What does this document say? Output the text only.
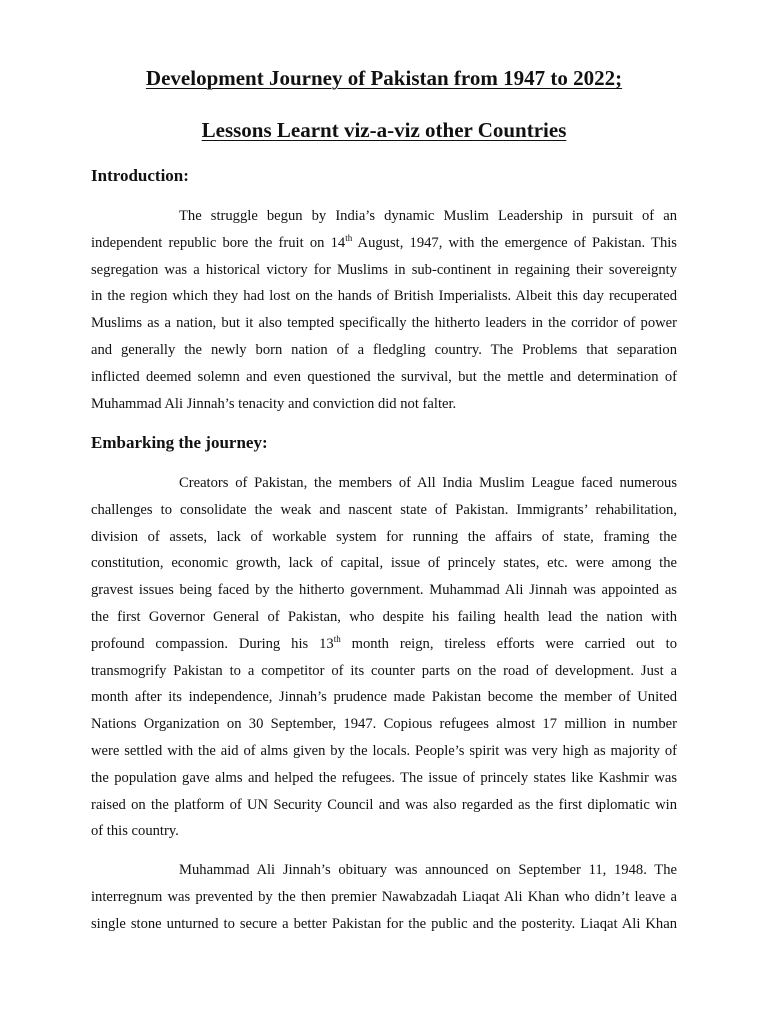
Development Journey of Pakistan from 1947 to 2022;
Lessons Learnt viz-a-viz other Countries
Introduction:
The struggle begun by India’s dynamic Muslim Leadership in pursuit of an
independent republic bore the fruit on 14th August, 1947, with the emergence of Pakistan. This
segregation was a historical victory for Muslims in sub-continent in regaining their sovereignty
in the region which they had lost on the hands of British Imperialists. Albeit this day recuperated
Muslims as a nation, but it also tempted specifically the hitherto leaders in the corridor of power
and generally the newly born nation of a fledgling country. The Problems that separation
inflicted deemed solemn and even questioned the survival, but the mettle and determination of
Muhammad Ali Jinnah’s tenacity and conviction did not falter.
Embarking the journey:
Creators of Pakistan, the members of All India Muslim League faced numerous
challenges to consolidate the weak and nascent state of Pakistan. Immigrants’ rehabilitation,
division of assets, lack of workable system for running the affairs of state, framing the
constitution, economic growth, lack of capital, issue of princely states, etc. were among the
gravest issues being faced by the hitherto government. Muhammad Ali Jinnah was appointed as
the first Governor General of Pakistan, who despite his failing health lead the nation with
profound compassion. During his 13th month reign, tireless efforts were carried out to
transmogrify Pakistan to a competitor of its counter parts on the road of development. Just a
month after its independence, Jinnah’s prudence made Pakistan become the member of United
Nations Organization on 30 September, 1947. Copious refugees almost 17 million in number
were settled with the aid of alms given by the locals. People’s spirit was very high as majority of
the population gave alms and helped the refugees. The issue of princely states like Kashmir was
raised on the platform of UN Security Council and was also regarded as the first diplomatic win
of this country.
Muhammad Ali Jinnah’s obituary was announced on September 11, 1948. The
interregnum was prevented by the then premier Nawabzadah Liaqat Ali Khan who didn’t leave a
single stone unturned to secure a better Pakistan for the public and the posterity. Liaqat Ali Khan
